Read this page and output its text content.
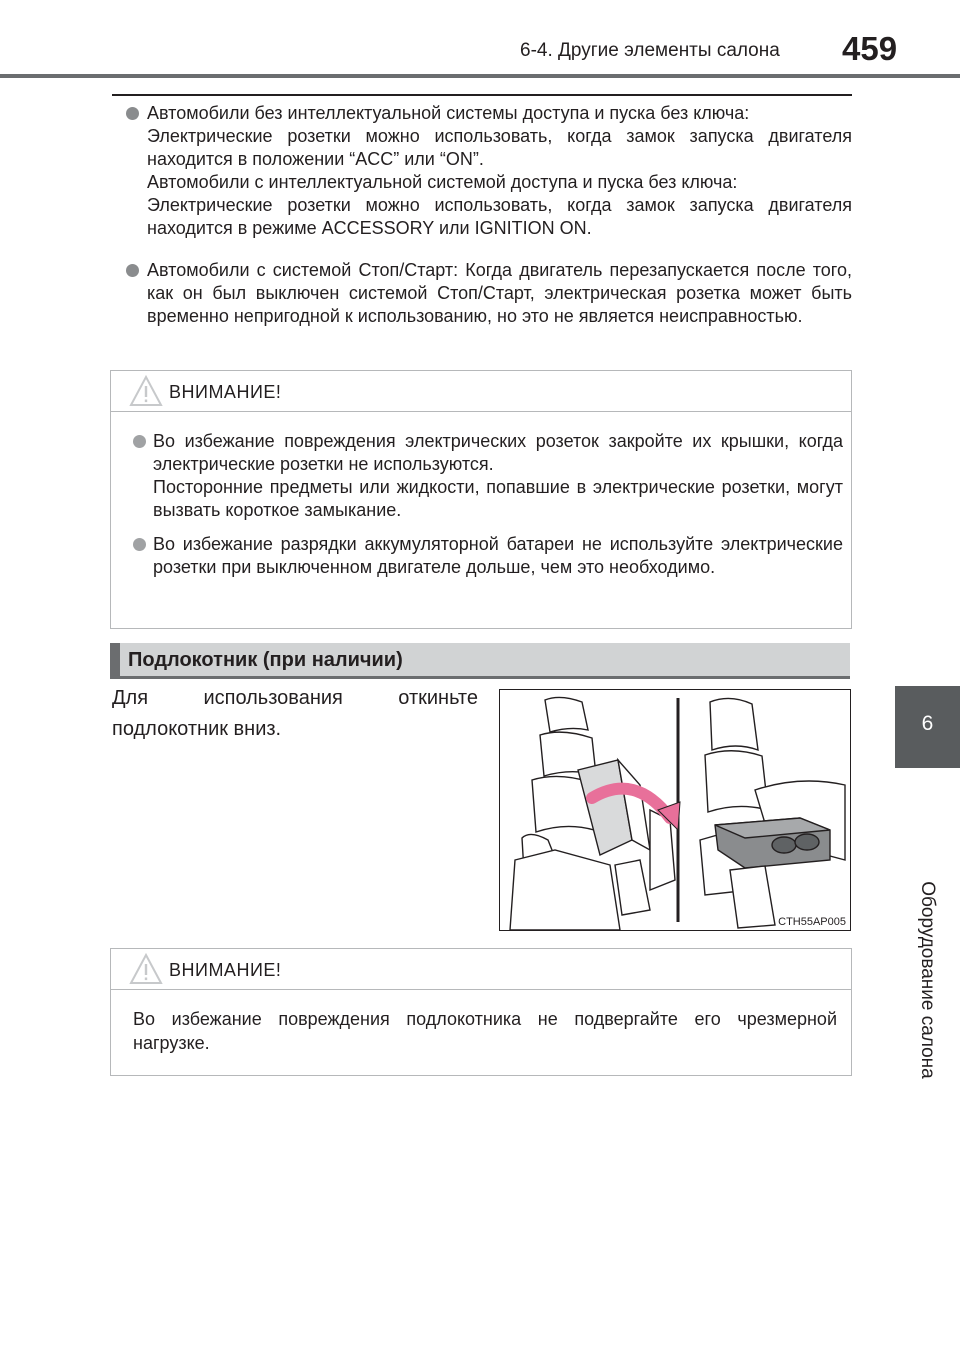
6-4. Другие элементы салона 459
6
Оборудование салона

Автомобили без интеллектуальной системы доступа и пуска без ключа:

Электрические розетки можно использовать, когда замок запуска двигателя находится в положении “ACC” или “ON”.

Автомобили с интеллектуальной системой доступа и пуска без ключа:

Электрические розетки можно использовать, когда замок запуска двигателя находится в режиме ACCESSORY или IGNITION ON.

Автомобили с системой Стоп/Старт: Когда двигатель перезапускается после того, как он был выключен системой Стоп/Старт, электрическая розетка может быть временно непригодной к использованию, но это не является неисправностью.

ВНИМАНИЕ!

Во избежание повреждения электрических розеток закройте их крышки, когда электрические розетки не используются.

Посторонние предметы или жидкости, попавшие в электрические розетки, могут вызвать короткое замыкание.

Во избежание разрядки аккумуляторной батареи не используйте электрические розетки при выключенном двигателе дольше, чем это необходимо.

Подлокотник (при наличии)

Для использования откиньте подлокотник вниз.

CTH55AP005
ВНИМАНИЕ!

Во избежание повреждения подлокотника не подвергайте его чрезмерной нагрузке.
